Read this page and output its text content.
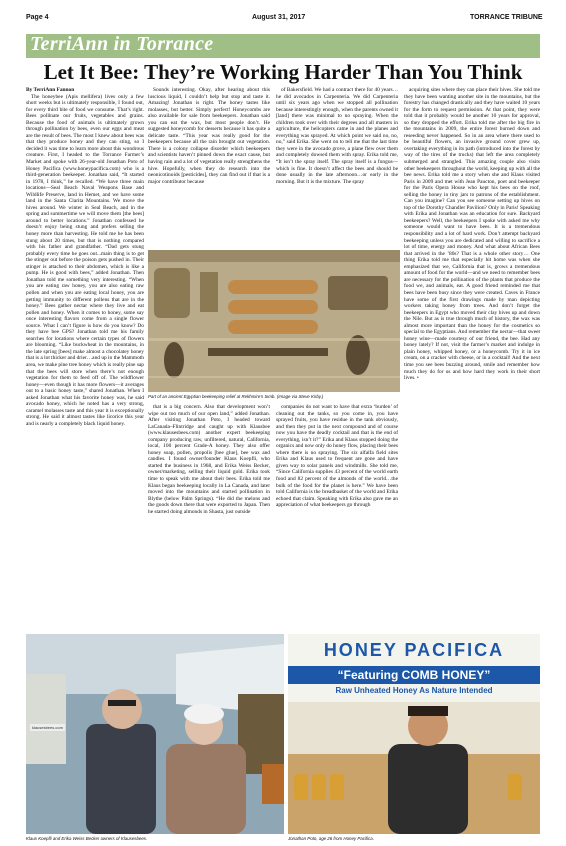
Page 4	August 31, 2017	TORRANCE TRIBUNE
TerriAnn in Torrance
Let It Bee: They’re Working Harder Than You Think
By TerriAnn Fannon

The honeybee (Apis mellifera) lives only a few short weeks but is ultimately responsible, I found out, for every third bite of food we consume. That’s right. Bees pollinate our fruits, vegetables and grains. Because the food of animals is ultimately grown through pollination by bees, even our eggs and meat are the result of bees. The most I knew about bees was that they produce honey and they can sting, so I decided it was time to learn more about this wondrous creature. First, I headed to the Torrance Farmer’s Market and spoke with 26-year-old Jonathan Poto of Honey Pacifica (www.honeypacifica.com) who is a third-generation beekeeper. Jonathan said, “It started in 1978, I think,” he recalled. “We have three main locations—Seal Beach Naval Weapons Base and Wildlife Preserve, land in Hemet, and we have some land in the Santa Clarita Mountains. We move the hives around. We winter in Seal Beach, and in the spring and summertime we will move them [the bees] around to better locations.” Jonathan confessed he doesn’t enjoy being stung and prefers selling the honey more than harvesting. He told me he has been stung about 20 times, but that is nothing compared with his father and grandfather. “Dad gets stung probably every time he goes out...main thing is to get the stinger out before the poison gets pushed in. Their stinger is attached to their abdomen, which is like a pump. He is good with bees,” added Jonathan. Then Jonathan told me something very interesting. “When you are eating raw honey, you are also eating raw pollen and when you are eating local honey, you are getting immunity to different pollens that are in the honey.” Bees gather nectar where they live and eat pollen and honey. When it comes to honey, some say once interesting flavors come from a single flower source. What I can’t figure is how do you know? Do they have bee GPS? Jonathan told me his family searches for locations where certain types of flowers are blooming. “Like buckwheat in the mountains, in the late spring [bees] make almost a chocolatey honey that is a lot thicker and drier…and up in the Mammoth area, we make pine tree honey which is really pine sap that the bees will store when there’s not enough vegetation for them to feed off of. The wildflower honey—even though it has more flowers—it averages out to a basic honey taste,” shared Jonathan. When I asked Jonathan what his favorite honey was, he said avocado honey, which he noted has a very strong, caramel molasses taste and this year it is exceptionally strong. He said it almost tastes like licorice this year and is nearly a completely black liquid honey.

Sounds interesting. Okay, after hearing about this luscious liquid, I couldn’t help but stop and taste it. Amazing! Jonathan is right. The honey tastes like molasses, but better. Simply perfect! Honeycombs are also available for sale from beekeepers. Jonathan said you can eat the wax, but most people don’t. He suggested honeycomb for desserts because it has quite a delicate taste. “This year was really good for the beekeepers because all the rain brought out vegetation. There is a colony collapse disorder which beekeepers and scientists haven’t pinned down the exact cause, but having rain and a lot of vegetation really strengthens the hive. Hopefully, when they do research into the neonicotinoids [pesticides], they can find out if that is a major contributor because

of Bakersfield. We had a contract there for 40 years…he did avocados in Carpenteria. We did Carpenteria until six years ago when we stopped all pollination because interestingly enough, when the parents owned it [land] there was minimal to no spraying. When the children took over with their degrees and all masters in agriculture, the helicopters came in and the planes and everything was sprayed. At which point we said no, no, no,” said Erika. She went on to tell me that the last time they were in the avocado grove, a plane flew over them and completely dowsed them with spray. Erika told me, “It isn’t the spray itself. The spray itself is a fungus—which is fine. It doesn’t affect the bees and should be done usually in the late afternoon…or early in the morning. But it is the mixture. The spray

acquiring sites where they can place their hives. She told me they have been wanting another site in the mountains, but the forestry has changed drastically and they have waited 10 years for the form to request permission. At that point, they were told that it probably would be another 10 years for approval, so they dropped the effort. Erika told me after the big fire in the mountains in 2009, the entire forest burned down and reseeding never happened. So in an area where there used to be beautiful flowers, an invasive ground cover grew up, overtaking everything in its path (introduced into the forest by way of the tires of the trucks) that left the area completely submerged and strangled. This amazing couple also visits other beekeepers throughout the world, keeping up with all the bee news. Erika told me a story when she and Klaus visited Paris in 2009 and met with Jean Paucton, poet and beekeeper for the Paris Opera House who kept his bees on the roof, selling the honey in tiny jars to patrons of the establishment. Can you imagine? Can you see someone setting up hives on top of the Dorothy Chandler Pavilion? Only in Paris! Speaking with Erika and Jonathan was an education for sure. Backyard beekeepers? Well, the beekeepers I spoke with asked me why someone would want to have bees. It is a tremendous responsibility and a lot of hard work. Don’t attempt backyard beekeeping unless you are dedicated and willing to sacrifice a lot of time, energy and money. And what about African Bees that arrived in the ’80s? That is a whole other story… One thing Erika told me that especially hit home was when she emphasized that we, California that is, grows a tremendous amount of food for the world—and we need to remember bees are necessary for the pollination of the plants that produce the food we, and animals, eat. A good friend reminded me that bees have been busy since they were created. Caves in France have some of the first drawings made by man depicting workers taking honey from trees. And don’t forget the beekeepers in Egypt who moved their clay hives up and down the Nile. But as is true through much of history, the wax was almost more important than the honey for the cosmetics so special to the Egyptians. And remember the nectar—that sweet honey wine—made courtesy of our friend, the bee. Had any honey lately? If not, visit the farmer’s market and indulge in plain honey, whipped honey, or a honeycomb. Try it in ice cream, on a cracker with cheese, or in a cocktail! And the next time you see bees buzzing around, smile and remember how much they do for us and how hard they work in their short lives. •

Part of an ancient Egyptian beekeeping relief at Rekhmire’s tomb. (Image via Steve Kirby.)

that is a big concern. Also that development won’t wipe out too much of our open land,” added Jonathan. After visiting Jonathan Poto, I headed toward LaCanada–Flintridge and caught up with Klausbee (www.klausesbees.com) another expert beekeeping company producing raw, unfiltered, natural, California, local, 100 percent Grade-A honey. They also offer honey soap, pollen, propolis [bee glue], bee wax and candles. I found owner/founder Klaus Koepfli, who started the business in 1968, and Erika Weiss Becker, owner/marketing, selling their liquid gold. Erika took time to speak with me about their bees. Erika told me Klaus began beekeeping locally in La Canada, and later moved into the mountains and started pollination in Blythe (below Palm Springs). “He did the melons and the goods down there that were exported to Japan. Then he started doing almonds in Shasta, just outside

companies do not want to have that extra ‘burden’ of cleaning out the tanks, so you come in, you have sprayed fruits, you have residue in the tank obviously, and then they put in the next compound and of course now you have the deadly cocktail and that is the end of everything, isn’t it?” Erika and Klaus stopped doing the organics and now only do honey flow, placing their bees where there is no spraying. The six alfalfa field sites Erika and Klaus used to frequent are gone and have given way to solar panels and windmills. She told me, “Since California supplies 43 percent of the world earth food and 82 percent of the almonds of the world…the bulk of the food for the planet is here.” We have been told California is the breadbasket of the world and Erika echoed that claim. Speaking with Erika also gave me an appreciation of what beekeepers go through

klausesbees.com
Klaus Koepfli and Erika Weiss Becker owners of Klausesbees.
HONEY PACIFICA
“Featuring COMB HONEY”
Raw Unheated Honey As Nature Intended
Jonathan Poto, age 26 from Honey Pacifica.
